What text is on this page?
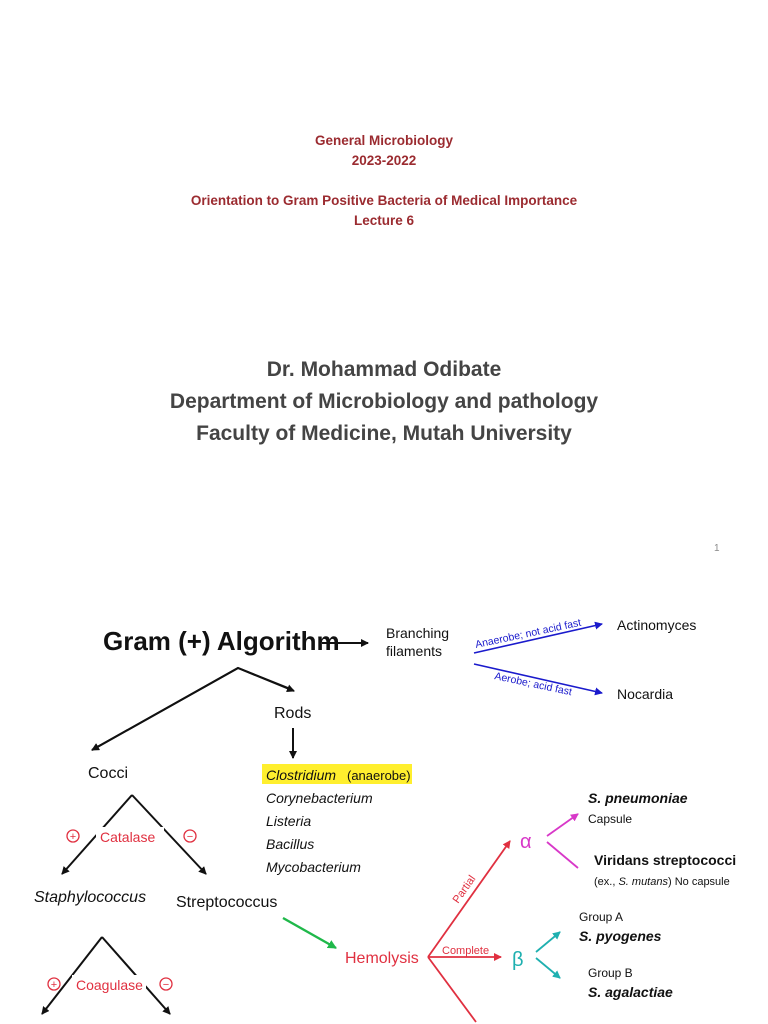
General Microbiology
2023-2022
Orientation to Gram Positive Bacteria of Medical Importance
Lecture 6
Dr. Mohammad Odibate
Department of Microbiology and pathology
Faculty of Medicine, Mutah University
1
Gram (+) Algorithm	Branching
filaments
Anaerobe; not acid fast
Aerobe; acid fast
Actinomyces
Nocardia
Rods
Cocci	Clostridium (anaerobe)
Corynebacterium
Listeria
Bacillus
Mycobacterium
Catalase
+	−
Staphylococcus Streptococcus
Coagulase
+	−
Hemolysis
Partial
Complete
α
S. pneumoniae
Capsule
Viridans streptococci
(ex., S. mutans) No capsule
β
Group A
S. pyogenes
Group B
S. agalactiae
